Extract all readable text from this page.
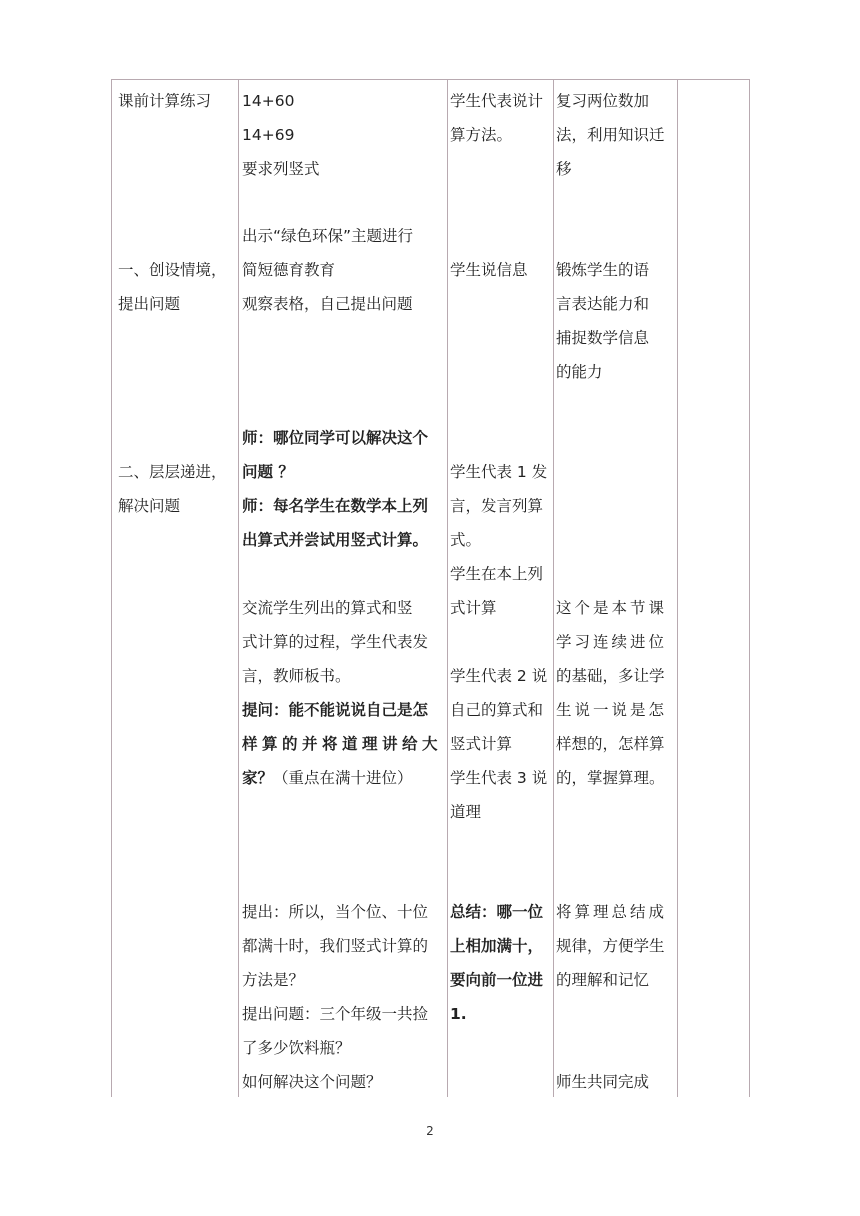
课前计算练习 14+60
14+69
要求列竖式
学生代表说计
算方法。
复习两位数加
法，利用知识迁
移
一、创设情境，
提出问题
出示“绿色环保”主题进行
简短德育教育
观察表格，自己提出问题
学生说信息 锻炼学生的语
言表达能力和
捕捉数学信息
的能力
二、层层递进，
解决问题
师：哪位同学可以解决这个
问题 ？
师：每名学生在数学本上列
出算式并尝试用竖式计算。
交流学生列出的算式和竖
式计算的过程，学生代表发
言，教师板书。
提问：能不能说说自己是怎
样算的并将道理讲给大
家？（重点在满十进位）
学生代表 1 发
言，发言列算
式。
学生在本上列
式计算
学生代表 2 说
自己的算式和
竖式计算
学生代表 3 说
道理
这个是本节课
学习连续进位
的基础，多让学
生说一说是怎
样想的，怎样算
的，掌握算理。
提出：所以，当个位、十位
都满十时，我们竖式计算的
方法是？
提出问题：三个年级一共捡
了多少饮料瓶？
如何解决这个问题？
总结：哪一位
上相加满十，
要向前一位进
1.
将算理总结成
规律，方便学生
的理解和记忆
师生共同完成
2
